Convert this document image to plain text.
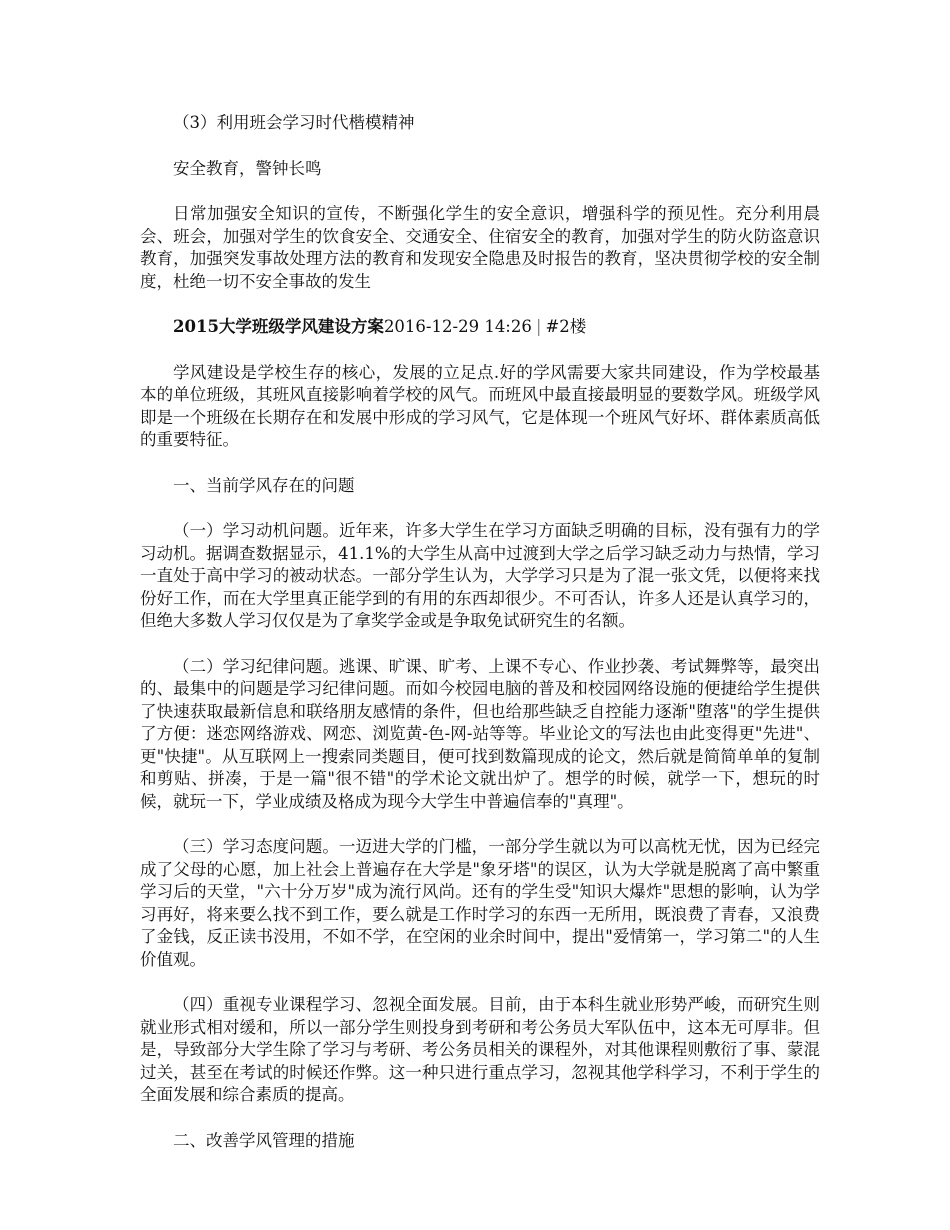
（3）利用班会学习时代楷模精神

安全教育，警钟长鸣

日常加强安全知识的宣传，不断强化学生的安全意识，增强科学的预见性。充分利用晨会、班会，加强对学生的饮食安全、交通安全、住宿安全的教育，加强对学生的防火防盗意识教育，加强突发事故处理方法的教育和发现安全隐患及时报告的教育，坚决贯彻学校的安全制度，杜绝一切不安全事故的发生

2015大学班级学风建设方案2016-12-29 14:26 | #2楼

学风建设是学校生存的核心，发展的立足点.好的学风需要大家共同建设，作为学校最基本的单位班级，其班风直接影响着学校的风气。而班风中最直接最明显的要数学风。班级学风即是一个班级在长期存在和发展中形成的学习风气，它是体现一个班风气好坏、群体素质高低的重要特征。

一、当前学风存在的问题

（一）学习动机问题。近年来，许多大学生在学习方面缺乏明确的目标，没有强有力的学习动机。据调查数据显示，41.1%的大学生从高中过渡到大学之后学习缺乏动力与热情，学习一直处于高中学习的被动状态。一部分学生认为，大学学习只是为了混一张文凭，以便将来找份好工作，而在大学里真正能学到的有用的东西却很少。不可否认，许多人还是认真学习的，但绝大多数人学习仅仅是为了拿奖学金或是争取免试研究生的名额。

（二）学习纪律问题。逃课、旷课、旷考、上课不专心、作业抄袭、考试舞弊等，最突出的、最集中的问题是学习纪律问题。而如今校园电脑的普及和校园网络设施的便捷给学生提供了快速获取最新信息和联络朋友感情的条件，但也给那些缺乏自控能力逐渐"堕落"的学生提供了方便：迷恋网络游戏、网恋、浏览黄-色-网-站等等。毕业论文的写法也由此变得更"先进"、更"快捷"。从互联网上一搜索同类题目，便可找到数篇现成的论文，然后就是简简单单的复制和剪贴、拼凑，于是一篇"很不错"的学术论文就出炉了。想学的时候，就学一下，想玩的时候，就玩一下，学业成绩及格成为现今大学生中普遍信奉的"真理"。

（三）学习态度问题。一迈进大学的门槛，一部分学生就以为可以高枕无忧，因为已经完成了父母的心愿，加上社会上普遍存在大学是"象牙塔"的误区，认为大学就是脱离了高中繁重学习后的天堂，"六十分万岁"成为流行风尚。还有的学生受"知识大爆炸"思想的影响，认为学习再好，将来要么找不到工作，要么就是工作时学习的东西一无所用，既浪费了青春，又浪费了金钱，反正读书没用，不如不学，在空闲的业余时间中，提出"爱情第一，学习第二"的人生价值观。

（四）重视专业课程学习、忽视全面发展。目前，由于本科生就业形势严峻，而研究生则就业形式相对缓和，所以一部分学生则投身到考研和考公务员大军队伍中，这本无可厚非。但是，导致部分大学生除了学习与考研、考公务员相关的课程外，对其他课程则敷衍了事、蒙混过关，甚至在考试的时候还作弊。这一种只进行重点学习，忽视其他学科学习，不利于学生的全面发展和综合素质的提高。

二、改善学风管理的措施
